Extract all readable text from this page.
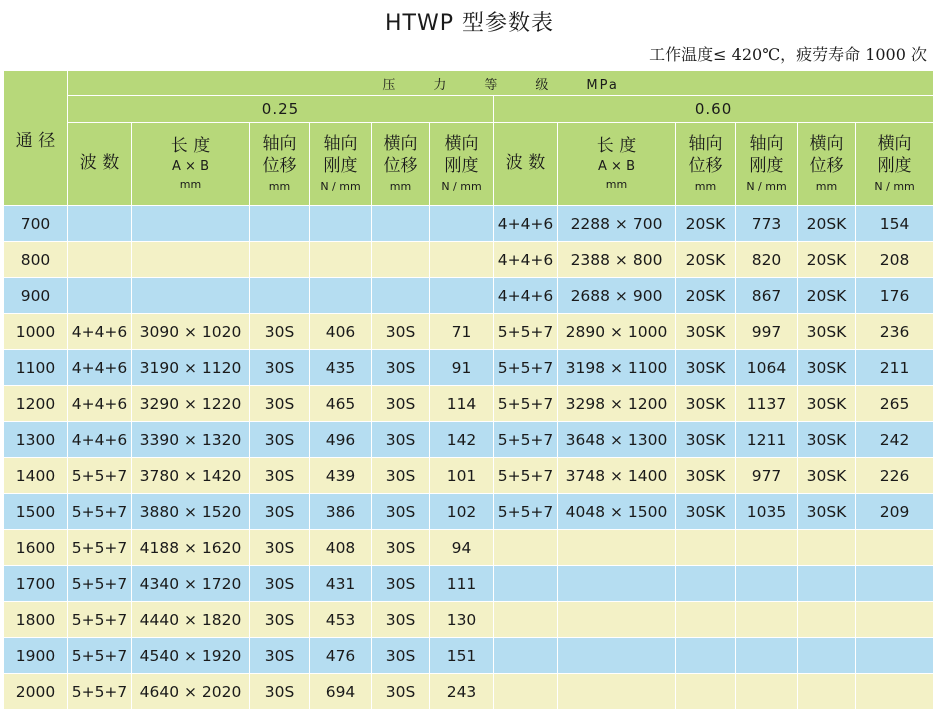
HTWP 型参数表
工作温度≤ 420℃，疲劳寿命 1000 次
通 径	压 力 等 级 MPa											
	0.25						0.60					

	波 数	长 度
A × B
mm	轴向
位移
mm	轴向
刚度
N / mm	横向
位移
mm	横向
刚度
N / mm	波 数	长 度
A × B
mm	轴向
位移
mm	轴向
刚度
N / mm	横向
位移
mm	横向
刚度
N / mm

700							4+4+6	2288 × 700	20SK	773	20SK	154
800							4+4+6	2388 × 800	20SK	820	20SK	208
900							4+4+6	2688 × 900	20SK	867	20SK	176
1000	4+4+6	3090 × 1020	30S	406	30S	71	5+5+7	2890 × 1000	30SK	997	30SK	236
1100	4+4+6	3190 × 1120	30S	435	30S	91	5+5+7	3198 × 1100	30SK	1064	30SK	211
1200	4+4+6	3290 × 1220	30S	465	30S	114	5+5+7	3298 × 1200	30SK	1137	30SK	265
1300	4+4+6	3390 × 1320	30S	496	30S	142	5+5+7	3648 × 1300	30SK	1211	30SK	242
1400	5+5+7	3780 × 1420	30S	439	30S	101	5+5+7	3748 × 1400	30SK	977	30SK	226
1500	5+5+7	3880 × 1520	30S	386	30S	102	5+5+7	4048 × 1500	30SK	1035	30SK	209
1600	5+5+7	4188 × 1620	30S	408	30S	94						
1700	5+5+7	4340 × 1720	30S	431	30S	111						
1800	5+5+7	4440 × 1820	30S	453	30S	130						
1900	5+5+7	4540 × 1920	30S	476	30S	151						
2000	5+5+7	4640 × 2020	30S	694	30S	243						
